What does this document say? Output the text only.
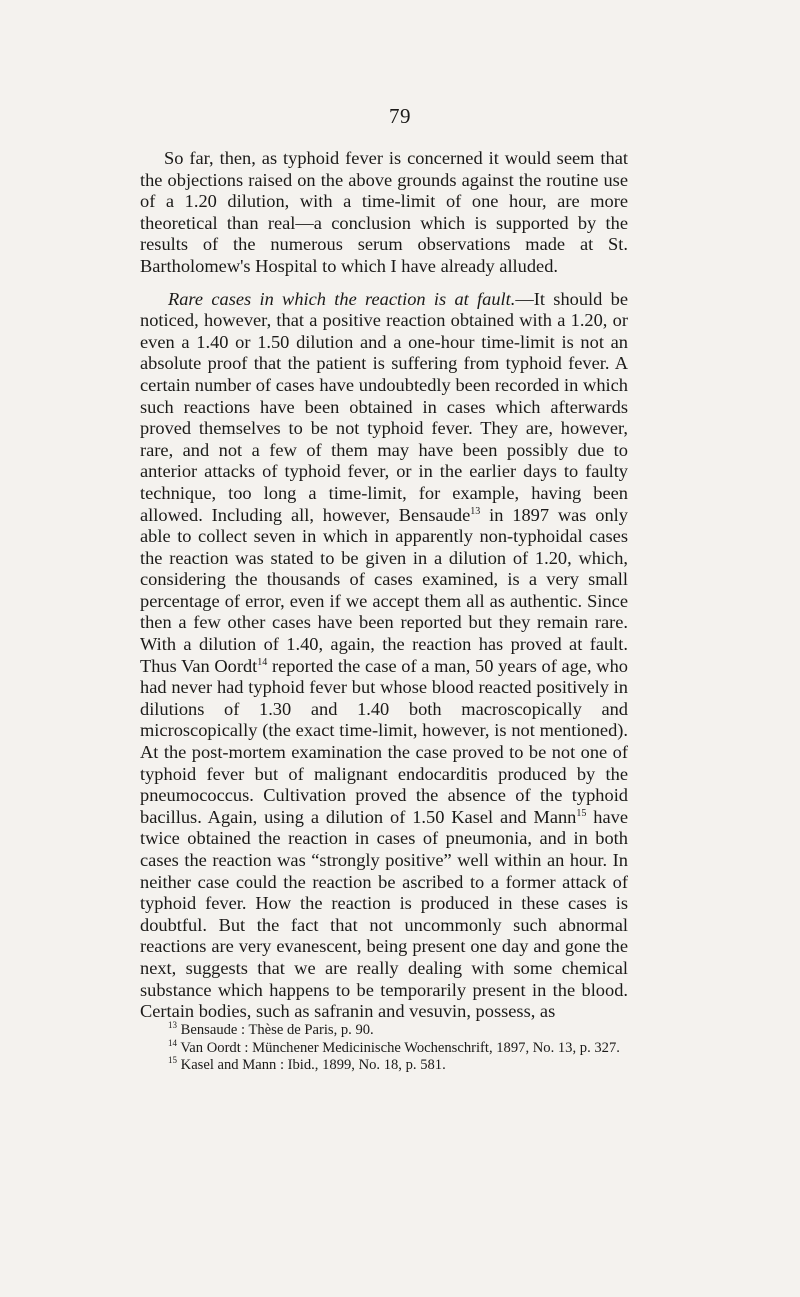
79

So far, then, as typhoid fever is concerned it would seem that the objections raised on the above grounds against the routine use of a 1.20 dilution, with a time-limit of one hour, are more theoretical than real—a conclusion which is supported by the results of the numerous serum observations made at St. Bartholomew's Hospital to which I have already alluded.

Rare cases in which the reaction is at fault.—It should be noticed, however, that a positive reaction obtained with a 1.20, or even a 1.40 or 1.50 dilution and a one-hour time-limit is not an absolute proof that the patient is suffering from typhoid fever. A certain number of cases have undoubtedly been recorded in which such reactions have been obtained in cases which afterwards proved themselves to be not typhoid fever. They are, however, rare, and not a few of them may have been possibly due to anterior attacks of typhoid fever, or in the earlier days to faulty technique, too long a time-limit, for example, having been allowed. Including all, however, Bensaude$^{13}$ in 1897 was only able to collect seven in which in apparently non-typhoidal cases the reaction was stated to be given in a dilution of 1.20, which, considering the thousands of cases examined, is a very small percentage of error, even if we accept them all as authentic. Since then a few other cases have been reported but they remain rare. With a dilution of 1.40, again, the reaction has proved at fault. Thus Van Oordt$^{14}$ reported the case of a man, 50 years of age, who had never had typhoid fever but whose blood reacted positively in dilutions of 1.30 and 1.40 both macroscopically and microscopically (the exact time-limit, however, is not mentioned). At the post-mortem examination the case proved to be not one of typhoid fever but of malignant endocarditis produced by the pneumococcus. Cultivation proved the absence of the typhoid bacillus. Again, using a dilution of 1.50 Kasel and Mann$^{15}$ have twice obtained the reaction in cases of pneumonia, and in both cases the reaction was “strongly positive” well within an hour. In neither case could the reaction be ascribed to a former attack of typhoid fever. How the reaction is produced in these cases is doubtful. But the fact that not uncommonly such abnormal reactions are very evanescent, being present one day and gone the next, suggests that we are really dealing with some chemical substance which happens to be temporarily present in the blood. Certain bodies, such as safranin and vesuvin, possess, as

$^{13}$ Bensaude : Thèse de Paris, p. 90.

$^{14}$ Van Oordt : Münchener Medicinische Wochenschrift, 1897, No. 13, p. 327.

$^{15}$ Kasel and Mann : Ibid., 1899, No. 18, p. 581.
